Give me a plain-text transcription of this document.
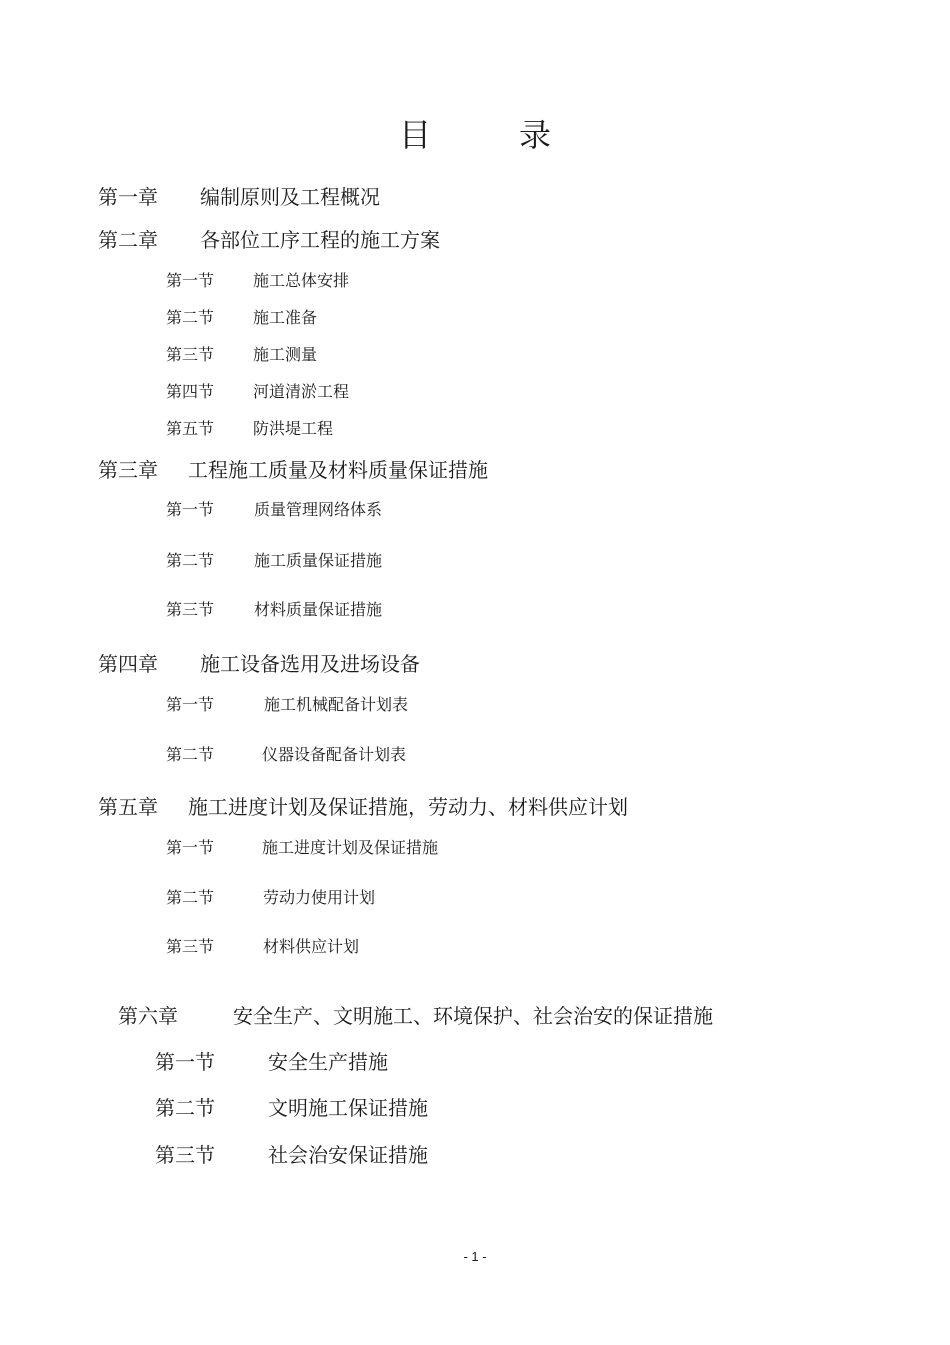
目	录
第一章 编制原则及工程概况
第二章 各部位工序工程的施工方案
第一节 施工总体安排
第二节 施工准备
第三节 施工测量
第四节 河道清淤工程
第五节 防洪堤工程
第三章 工程施工质量及材料质量保证措施
第一节 质量管理网络体系
第二节 施工质量保证措施
第三节 材料质量保证措施
第四章 施工设备选用及进场设备
第一节	施工机械配备计划表
第二节	仪器设备配备计划表
第五章 施工进度计划及保证措施，劳动力、材料供应计划
第一节	施工进度计划及保证措施
第二节	劳动力使用计划
第三节	材料供应计划
第六章	安全生产、文明施工、环境保护、社会治安的保证措施
第一节	安全生产措施
第二节	文明施工保证措施
第三节	社会治安保证措施
- 1 -
